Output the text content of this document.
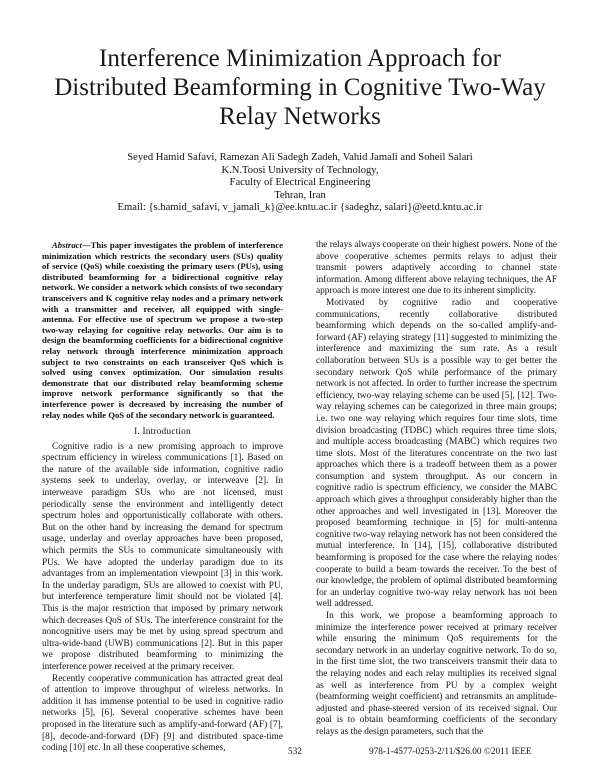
Interference Minimization Approach for Distributed Beamforming in Cognitive Two-Way Relay Networks
Seyed Hamid Safavi, Ramezan Ali Sadegh Zadeh, Vahid Jamali and Soheil Salari
K.N.Toosi University of Technology,
Faculty of Electrical Engineering
Tehran, Iran
Email: {s.hamid_safavi, v_jamali_k}@ee.kntu.ac.ir {sadeghz, salari}@eetd.kntu.ac.ir

Abstract—This paper investigates the problem of interference minimization which restricts the secondary users (SUs) quality of service (QoS) while coexisting the primary users (PUs), using distributed beamforming for a bidirectional cognitive relay network. We consider a network which consists of two secondary transceivers and K cognitive relay nodes and a primary network with a transmitter and receiver, all equipped with single-antenna. For effective use of spectrum we propose a two-step two-way relaying for cognitive relay networks. Our aim is to design the beamforming coefficients for a bidirectional cognitive relay network through interference minimization approach subject to two constraints on each transceiver QoS which is solved using convex optimization. Our simulation results demonstrate that our distributed relay beamforming scheme improve network performance significantly so that the interference power is decreased by increasing the number of relay nodes while QoS of the secondary network is guaranteed.

I. Introduction

Cognitive radio is a new promising approach to improve spectrum efficiency in wireless communications [1]. Based on the nature of the available side information, cognitive radio systems seek to underlay, overlay, or interweave [2]. In interweave paradigm SUs who are not licensed, must periodically sense the environment and intelligently detect spectrum holes and opportunistically collaborate with others. But on the other hand by increasing the demand for spectrum usage, underlay and overlay approaches have been proposed, which permits the SUs to communicate simultaneously with PUs. We have adopted the underlay paradigm due to its advantages from an implementation viewpoint [3] in this work. In the underlay paradigm, SUs are allowed to coexist with PU, but interference temperature limit should not be violated [4]. This is the major restriction that imposed by primary network which decreases QoS of SUs. The interference constraint for the noncognitive users may be met by using spread spectrum and ultra-wide-band (UWB) communications [2]. But in this paper we propose distributed beamforming to minimizing the interference power received at the primary receiver.

Recently cooperative communication has attracted great deal of attention to improve throughput of wireless networks. In addition it has immense potential to be used in cognitive radio networks [5], [6]. Several cooperative schemes have been proposed in the literature such as amplify-and-forward (AF) [7], [8], decode-and-forward (DF) [9] and distributed space-time coding [10] etc. In all these cooperative schemes,

the relays always cooperate on their highest powers. None of the above cooperative schemes permits relays to adjust their transmit powers adaptively according to channel state information. Among different above relaying techniques, the AF approach is more interest one due to its inherent simplicity.

Motivated by cognitive radio and cooperative communications, recently collaborative distributed beamforming which depends on the so-called amplify-and-forward (AF) relaying strategy [11] suggested to minimizing the interference and maximizing the sum rate. As a result collaboration between SUs is a possible way to get better the secondary network QoS while performance of the primary network is not affected. In order to further increase the spectrum efficiency, two-way relaying scheme can be used [5], [12]. Two-way relaying schemes can be categorized in three main groups; i.e. two one way relaying which requires four time slots, time division broadcasting (TDBC) which requires three time slots, and multiple access broadcasting (MABC) which requires two time slots. Most of the literatures concentrate on the two last approaches which there is a tradeoff between them as a power consumption and system throughput. As our concern in cognitive radio is spectrum efficiency, we consider the MABC approach which gives a throughput considerably higher than the other approaches and well investigated in [13]. Moreover the proposed beamforming technique in [5] for multi-antenna cognitive two-way relaying network has not been considered the mutual interference. In [14], [15], collaborative distributed beamforming is proposed for the case where the relaying nodes cooperate to build a beam towards the receiver. To the best of our knowledge, the problem of optimal distributed beamforming for an underlay cognitive two-way relay network has not been well addressed.

In this work, we propose a beamforming approach to minimize the interference power received at primary receiver while ensuring the minimum QoS requirements for the secondary network in an underlay cognitive network. To do so, in the first time slot, the two transceivers transmit their data to the relaying nodes and each relay multiplies its received signal as well as interference from PU by a complex weight (beamforming weight coefficient) and retransmits an amplitude-adjusted and phase-steered version of its received signal. Our goal is to obtain beamforming coefficients of the secondary relays as the design parameters, such that the

532	978-1-4577-0253-2/11/$26.00 ©2011 IEEE
